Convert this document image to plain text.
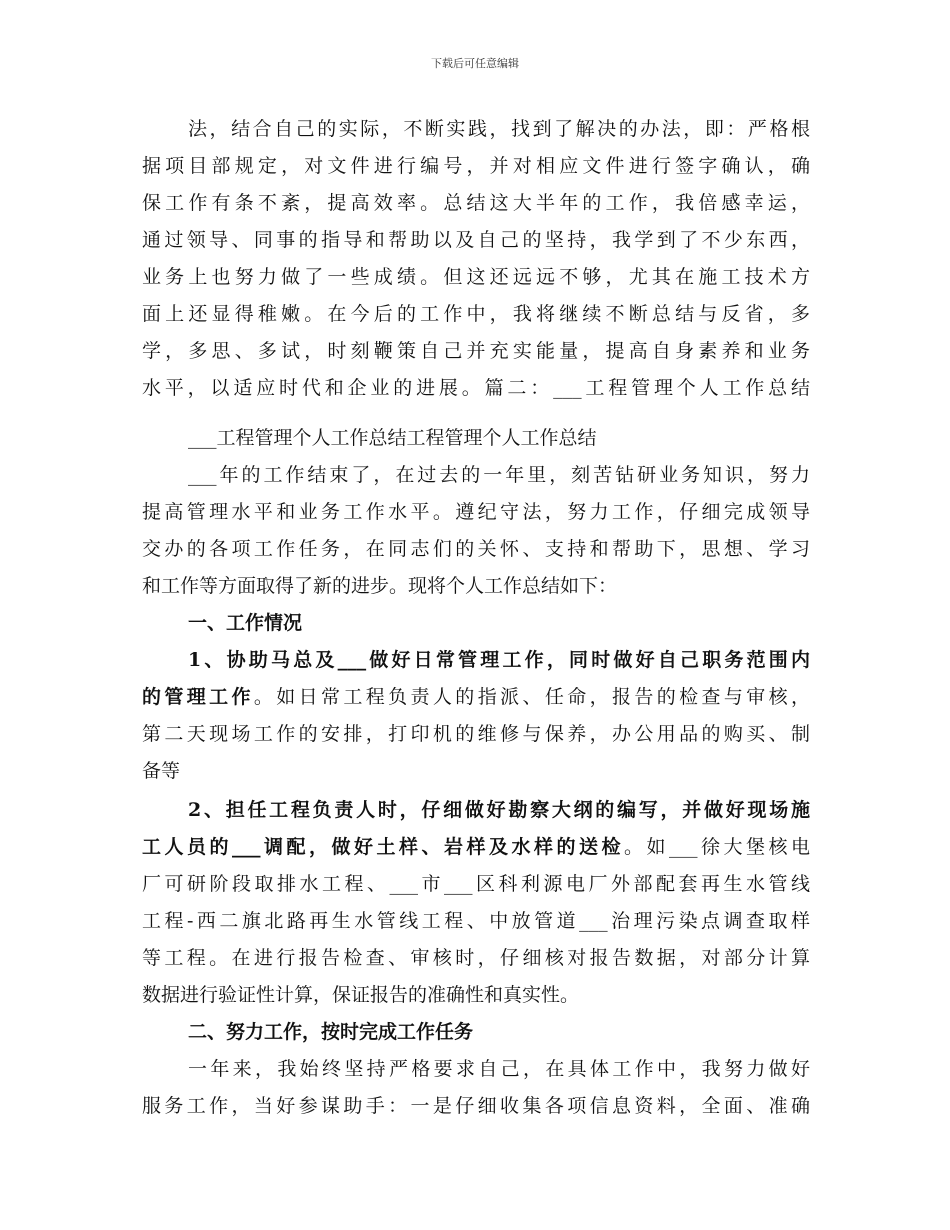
下载后可任意编辑
法，结合自己的实际，不断实践，找到了解决的办法，即：严格根
据项目部规定，对文件进行编号，并对相应文件进行签字确认，确
保工作有条不紊，提高效率。总结这大半年的工作，我倍感幸运，
通过领导、同事的指导和帮助以及自己的坚持，我学到了不少东西，
业务上也努力做了一些成绩。但这还远远不够，尤其在施工技术方
面上还显得稚嫩。在今后的工作中，我将继续不断总结与反省，多
学，多思、多试，时刻鞭策自己并充实能量，提高自身素养和业务
水平，以适应时代和企业的进展。篇二：___工程管理个人工作总结
___工程管理个人工作总结工程管理个人工作总结
___年的工作结束了，在过去的一年里，刻苦钻研业务知识，努力
提高管理水平和业务工作水平。遵纪守法，努力工作，仔细完成领导
交办的各项工作任务，在同志们的关怀、支持和帮助下，思想、学习
和工作等方面取得了新的进步。现将个人工作总结如下：
一、工作情况
1、协助马总及___做好日常管理工作，同时做好自己职务范围内
的管理工作。如日常工程负责人的指派、任命，报告的检查与审核，
第二天现场工作的安排，打印机的维修与保养，办公用品的购买、制
备等
2、担任工程负责人时，仔细做好勘察大纲的编写，并做好现场施
工人员的___调配，做好土样、岩样及水样的送检。如___徐大堡核电
厂可研阶段取排水工程、___市___区科利源电厂外部配套再生水管线
工程-西二旗北路再生水管线工程、中放管道___治理污染点调查取样
等工程。在进行报告检查、审核时，仔细核对报告数据，对部分计算
数据进行验证性计算，保证报告的准确性和真实性。
二、努力工作，按时完成工作任务
一年来，我始终坚持严格要求自己，在具体工作中，我努力做好
服务工作，当好参谋助手：一是仔细收集各项信息资料，全面、准确
